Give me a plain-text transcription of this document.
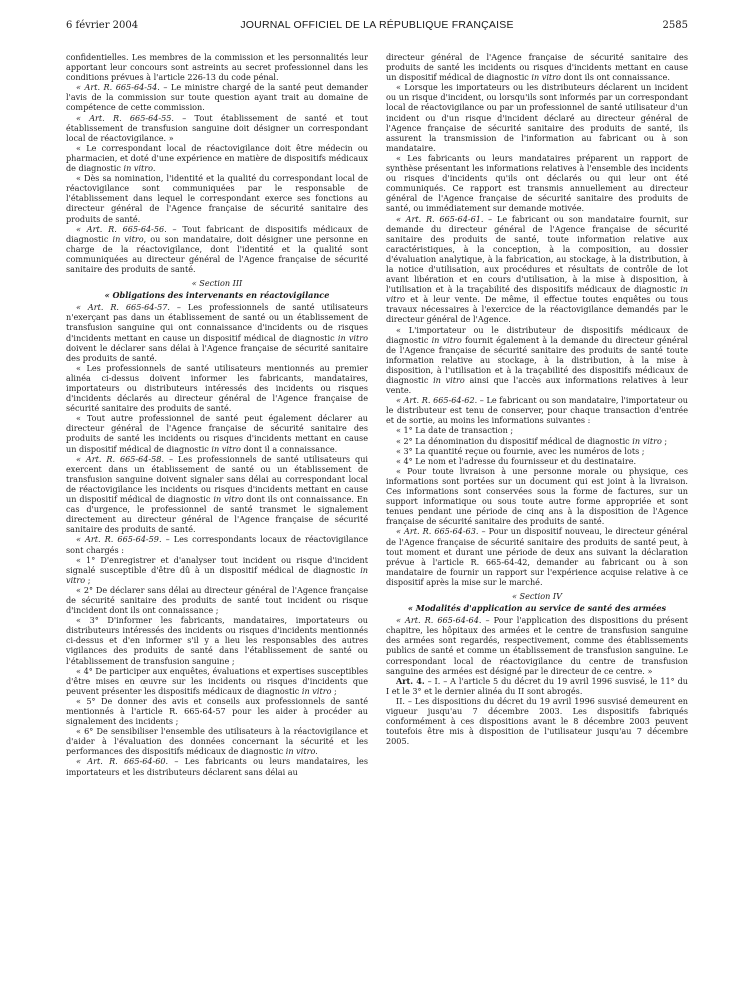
6 février 2004	JOURNAL OFFICIEL DE LA RÉPUBLIQUE FRANÇAISE	2585

confidentielles. Les membres de la commission et les personnalités leur apportant leur concours sont astreints au secret professionnel dans les conditions prévues à l'article 226-13 du code pénal.

« Art. R. 665-64-54. – Le ministre chargé de la santé peut demander l'avis de la commission sur toute question ayant trait au domaine de compétence de cette commission.

« Art. R. 665-64-55. – Tout établissement de santé et tout établissement de transfusion sanguine doit désigner un correspondant local de réactovigilance. »

« Le correspondant local de réactovigilance doit être médecin ou pharmacien, et doté d'une expérience en matière de dispositifs médicaux de diagnostic in vitro.

« Dès sa nomination, l'identité et la qualité du correspondant local de réactovigilance sont communiquées par le responsable de l'établissement dans lequel le correspondant exerce ses fonctions au directeur général de l'Agence française de sécurité sanitaire des produits de santé.

« Art. R. 665-64-56. – Tout fabricant de dispositifs médicaux de diagnostic in vitro, ou son mandataire, doit désigner une personne en charge de la réactovigilance, dont l'identité et la qualité sont communiquées au directeur général de l'Agence française de sécurité sanitaire des produits de santé.

« Section III

« Obligations des intervenants en réactovigilance

« Art. R. 665-64-57. – Les professionnels de santé utilisateurs n'exerçant pas dans un établissement de santé ou un établissement de transfusion sanguine qui ont connaissance d'incidents ou de risques d'incidents mettant en cause un dispositif médical de diagnostic in vitro doivent le déclarer sans délai à l'Agence française de sécurité sanitaire des produits de santé.

« Les professionnels de santé utilisateurs mentionnés au premier alinéa ci-dessus doivent informer les fabricants, mandataires, importateurs ou distributeurs intéressés des incidents ou risques d'incidents déclarés au directeur général de l'Agence française de sécurité sanitaire des produits de santé.

« Tout autre professionnel de santé peut également déclarer au directeur général de l'Agence française de sécurité sanitaire des produits de santé les incidents ou risques d'incidents mettant en cause un dispositif médical de diagnostic in vitro dont il a connaissance.

« Art. R. 665-64-58. – Les professionnels de santé utilisateurs qui exercent dans un établissement de santé ou un établissement de transfusion sanguine doivent signaler sans délai au correspondant local de réactovigilance les incidents ou risques d'incidents mettant en cause un dispositif médical de diagnostic in vitro dont ils ont connaissance. En cas d'urgence, le professionnel de santé transmet le signalement directement au directeur général de l'Agence française de sécurité sanitaire des produits de santé.

« Art. R. 665-64-59. – Les correspondants locaux de réactovigilance sont chargés :

« 1° D'enregistrer et d'analyser tout incident ou risque d'incident signalé susceptible d'être dû à un dispositif médical de diagnostic in vitro ;

« 2° De déclarer sans délai au directeur général de l'Agence française de sécurité sanitaire des produits de santé tout incident ou risque d'incident dont ils ont connaissance ;

« 3° D'informer les fabricants, mandataires, importateurs ou distributeurs intéressés des incidents ou risques d'incidents mentionnés ci-dessus et d'en informer s'il y a lieu les responsables des autres vigilances des produits de santé dans l'établissement de santé ou l'établissement de transfusion sanguine ;

« 4° De participer aux enquêtes, évaluations et expertises susceptibles d'être mises en œuvre sur les incidents ou risques d'incidents que peuvent présenter les dispositifs médicaux de diagnostic in vitro ;

« 5° De donner des avis et conseils aux professionnels de santé mentionnés à l'article R. 665-64-57 pour les aider à procéder au signalement des incidents ;

« 6° De sensibiliser l'ensemble des utilisateurs à la réactovigilance et d'aider à l'évaluation des données concernant la sécurité et les performances des dispositifs médicaux de diagnostic in vitro.

« Art. R. 665-64-60. – Les fabricants ou leurs mandataires, les importateurs et les distributeurs déclarent sans délai au

directeur général de l'Agence française de sécurité sanitaire des produits de santé les incidents ou risques d'incidents mettant en cause un dispositif médical de diagnostic in vitro dont ils ont connaissance.

« Lorsque les importateurs ou les distributeurs déclarent un incident ou un risque d'incident, ou lorsqu'ils sont informés par un correspondant local de réactovigilance ou par un professionnel de santé utilisateur d'un incident ou d'un risque d'incident déclaré au directeur général de l'Agence française de sécurité sanitaire des produits de santé, ils assurent la transmission de l'information au fabricant ou à son mandataire.

« Les fabricants ou leurs mandataires préparent un rapport de synthèse présentant les informations relatives à l'ensemble des incidents ou risques d'incidents qu'ils ont déclarés ou qui leur ont été communiqués. Ce rapport est transmis annuellement au directeur général de l'Agence française de sécurité sanitaire des produits de santé, ou immédiatement sur demande motivée.

« Art. R. 665-64-61. – Le fabricant ou son mandataire fournit, sur demande du directeur général de l'Agence française de sécurité sanitaire des produits de santé, toute information relative aux caractéristiques, à la conception, à la composition, au dossier d'évaluation analytique, à la fabrication, au stockage, à la distribution, à la notice d'utilisation, aux procédures et résultats de contrôle de lot avant libération et en cours d'utilisation, à la mise à disposition, à l'utilisation et à la traçabilité des dispositifs médicaux de diagnostic in vitro et à leur vente. De même, il effectue toutes enquêtes ou tous travaux nécessaires à l'exercice de la réactovigilance demandés par le directeur général de l'Agence.

« L'importateur ou le distributeur de dispositifs médicaux de diagnostic in vitro fournit également à la demande du directeur général de l'Agence française de sécurité sanitaire des produits de santé toute information relative au stockage, à la distribution, à la mise à disposition, à l'utilisation et à la traçabilité des dispositifs médicaux de diagnostic in vitro ainsi que l'accès aux informations relatives à leur vente.

« Art. R. 665-64-62. – Le fabricant ou son mandataire, l'importateur ou le distributeur est tenu de conserver, pour chaque transaction d'entrée et de sortie, au moins les informations suivantes :

« 1° La date de transaction ;

« 2° La dénomination du dispositif médical de diagnostic in vitro ;

« 3° La quantité reçue ou fournie, avec les numéros de lots ;

« 4° Le nom et l'adresse du fournisseur et du destinataire.

« Pour toute livraison à une personne morale ou physique, ces informations sont portées sur un document qui est joint à la livraison. Ces informations sont conservées sous la forme de factures, sur un support informatique ou sous toute autre forme appropriée et sont tenues pendant une période de cinq ans à la disposition de l'Agence française de sécurité sanitaire des produits de santé.

« Art. R. 665-64-63. – Pour un dispositif nouveau, le directeur général de l'Agence française de sécurité sanitaire des produits de santé peut, à tout moment et durant une période de deux ans suivant la déclaration prévue à l'article R. 665-64-42, demander au fabricant ou à son mandataire de fournir un rapport sur l'expérience acquise relative à ce dispositif après la mise sur le marché.

« Section IV

« Modalités d'application au service de santé des armées

« Art. R. 665-64-64. – Pour l'application des dispositions du présent chapitre, les hôpitaux des armées et le centre de transfusion sanguine des armées sont regardés, respectivement, comme des établissements publics de santé et comme un établissement de transfusion sanguine. Le correspondant local de réactovigilance du centre de transfusion sanguine des armées est désigné par le directeur de ce centre. »

Art. 4. – I. – A l'article 5 du décret du 19 avril 1996 susvisé, le 11° du I et le 3° et le dernier alinéa du II sont abrogés.

II. – Les dispositions du décret du 19 avril 1996 susvisé demeurent en vigueur jusqu'au 7 décembre 2003. Les dispositifs fabriqués conformément à ces dispositions avant le 8 décembre 2003 peuvent toutefois être mis à disposition de l'utilisateur jusqu'au 7 décembre 2005.
